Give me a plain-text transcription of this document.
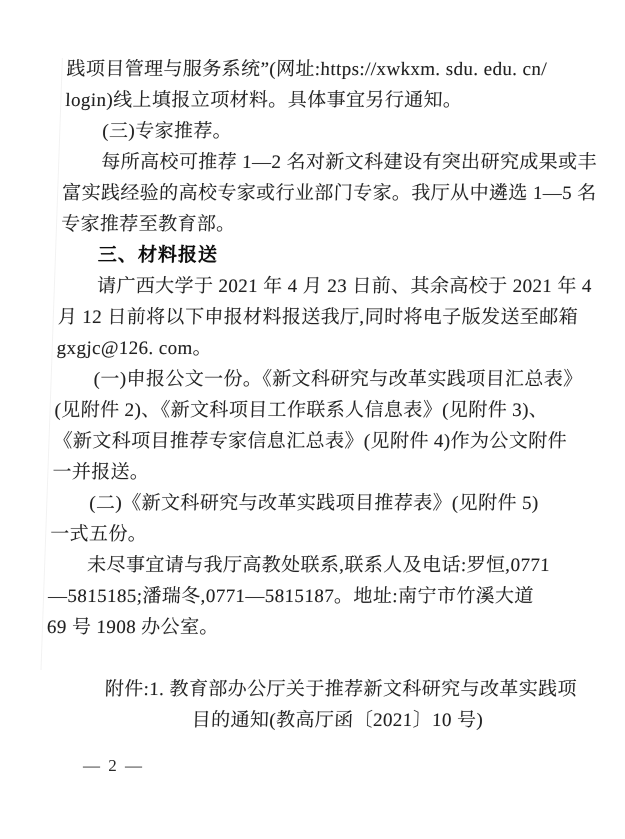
践项目管理与服务系统”(网址:https://xwkxm. sdu. edu. cn/
login)线上填报立项材料。具体事宜另行通知。
(三)专家推荐。
每所高校可推荐 1—2 名对新文科建设有突出研究成果或丰
富实践经验的高校专家或行业部门专家。我厅从中遴选 1—5 名
专家推荐至教育部。
三、材料报送
请广西大学于 2021 年 4 月 23 日前、其余高校于 2021 年 4
月 12 日前将以下申报材料报送我厅,同时将电子版发送至邮箱
gxgjc@126. com。
(一)申报公文一份。《新文科研究与改革实践项目汇总表》
(见附件 2)、《新文科项目工作联系人信息表》(见附件 3)、
《新文科项目推荐专家信息汇总表》(见附件 4)作为公文附件
一并报送。
(二)《新文科研究与改革实践项目推荐表》(见附件 5)
一式五份。
未尽事宜请与我厅高教处联系,联系人及电话:罗恒,0771
—5815185;潘瑞冬,0771—5815187。地址:南宁市竹溪大道
69 号 1908 办公室。
附件:1. 教育部办公厅关于推荐新文科研究与改革实践项
目的通知(教高厅函〔2021〕10 号)
— 2 —
